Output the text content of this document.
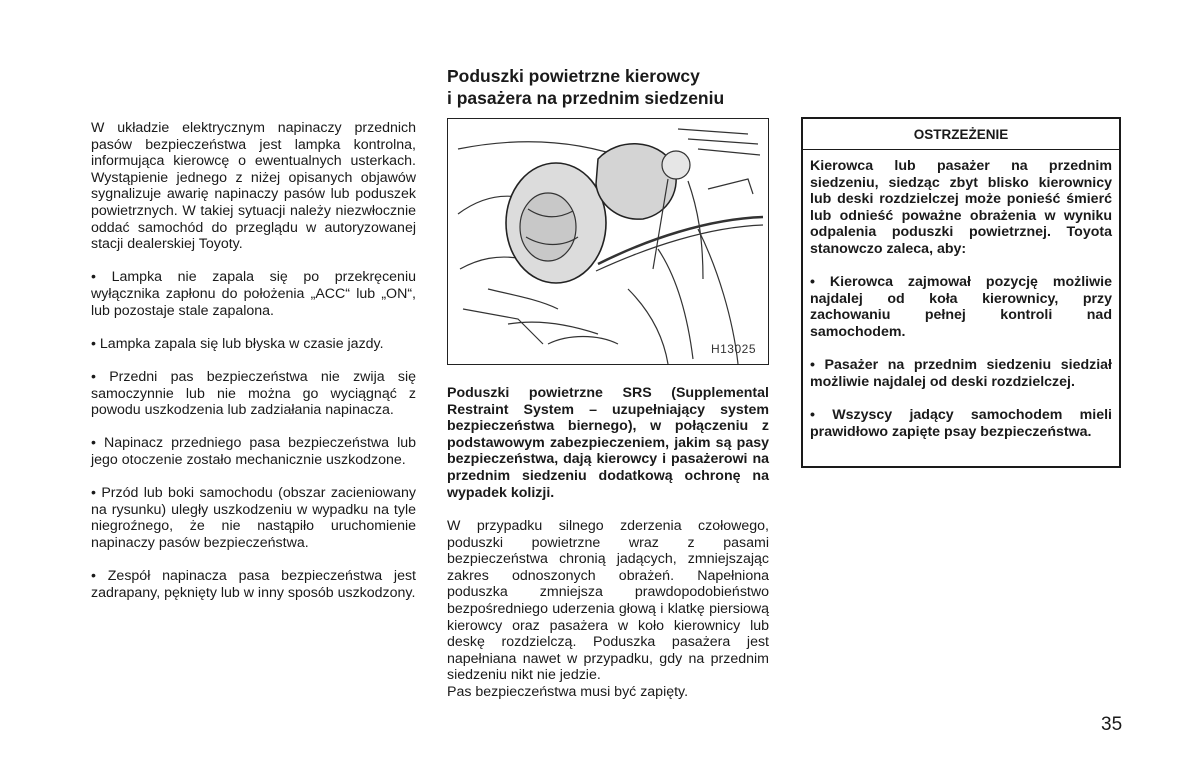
W układzie elektrycznym napinaczy przednich pasów bezpieczeństwa jest lampka kontrolna, informująca kierowcę o ewentualnych usterkach. Wystąpienie jednego z niżej opisanych objawów sygnalizuje awarię napinaczy pasów lub poduszek powietrznych. W takiej sytuacji należy niezwłocznie oddać samochód do przeglądu w autoryzowanej stacji dealerskiej Toyoty.

• Lampka nie zapala się po przekręceniu wyłącznika zapłonu do położenia „ACC“ lub „ON“, lub pozostaje stale zapalona.

• Lampka zapala się lub błyska w czasie jazdy.

• Przedni pas bezpieczeństwa nie zwija się samoczynnie lub nie można go wyciągnąć z powodu uszkodzenia lub zadziałania napinacza.

• Napinacz przedniego pasa bezpieczeństwa lub jego otoczenie zostało mechanicznie uszkodzone.

• Przód lub boki samochodu (obszar zacieniowany na rysunku) uległy uszkodzeniu w wypadku na tyle niegroźnego, że nie nastąpiło uruchomienie napinaczy pasów bezpieczeństwa.

• Zespół napinacza pasa bezpieczeństwa jest zadrapany, pęknięty lub w inny sposób uszkodzony.

Poduszki powietrzne kierowcy
i pasażera na przednim siedzeniu
H13025

Poduszki powietrzne SRS (Supplemental Restraint System – uzupełniający system bezpieczeństwa biernego), w połączeniu z podstawowym zabezpieczeniem, jakim są pasy bezpieczeństwa, dają kierowcy i pasażerowi na przednim siedzeniu dodatkową ochronę na wypadek kolizji.

W przypadku silnego zderzenia czołowego, poduszki powietrzne wraz z pasami bezpieczeństwa chronią jadących, zmniejszając zakres odnoszonych obrażeń. Napełniona poduszka zmniejsza prawdopodobieństwo bezpośredniego uderzenia głową i klatkę piersiową kierowcy oraz pasażera w koło kierownicy lub deskę rozdzielczą. Poduszka pasażera jest napełniana nawet w przypadku, gdy na przednim siedzeniu nikt nie jedzie.

Pas bezpieczeństwa musi być zapięty.

OSTRZEŻENIE

Kierowca lub pasażer na przednim siedzeniu, siedząc zbyt blisko kierownicy lub deski rozdzielczej może ponieść śmierć lub odnieść poważne obrażenia w wyniku odpalenia poduszki powietrznej. Toyota stanowczo zaleca, aby:

• Kierowca zajmował pozycję możliwie najdalej od koła kierownicy, przy zachowaniu pełnej kontroli nad samochodem.

• Pasażer na przednim siedzeniu siedział możliwie najdalej od deski rozdzielczej.

• Wszyscy jadący samochodem mieli prawidłowo zapięte psay bezpieczeństwa.

35
